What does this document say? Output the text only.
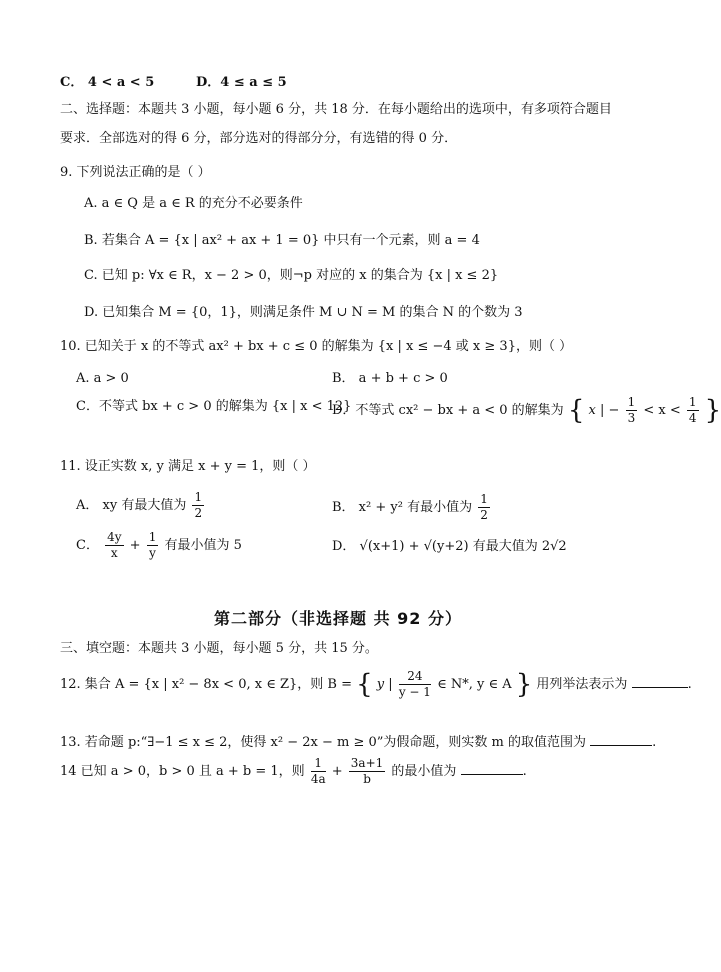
C． 4 < a < 5	D．4 ≤ a ≤ 5
二、选择题：本题共 3 小题，每小题 6 分，共 18 分．在每小题给出的选项中，有多项符合题目
要求．全部选对的得 6 分，部分选对的得部分分，有选错的得 0 分．
9. 下列说法正确的是（ ）
A. a ∈ Q 是 a ∈ R 的充分不必要条件
B. 若集合 A = {x | ax² + ax + 1 = 0} 中只有一个元素，则 a = 4
C. 已知 p: ∀x ∈ R，x − 2 > 0，则¬p 对应的 x 的集合为 {x | x ≤ 2}
D. 已知集合 M = {0，1}，则满足条件 M ∪ N = M 的集合 N 的个数为 3
10. 已知关于 x 的不等式 ax² + bx + c ≤ 0 的解集为 {x | x ≤ −4 或 x ≥ 3}，则（ ）
A. a > 0	B． a + b + c > 0
C．不等式 bx + c > 0 的解集为 {x | x < 12}
D．不等式 cx² − bx + a < 0 的解集为 { x | − $\frac{1}{3} < x < \frac{1}{4}$ }
11. 设正实数 x, y 满足 x + y = 1，则（ ）
A． xy 有最大值为 $\frac{1}{2}$	B． x² + y² 有最小值为 $\frac{1}{2}$
C． $\frac{4y}{x} + \frac{1}{y}$ 有最小值为 5	D． √(x+1) + √(y+2) 有最大值为 2√2
第二部分（非选择题 共 92 分）
三、填空题：本题共 3 小题，每小题 5 分，共 15 分。
12. 集合 A = {x | x² − 8x < 0, x ∈ Z}，则 B = { y | $\frac{24}{y - 1}$ ∈ N*, y ∈ A } 用列举法表示为	.
13. 若命题 p:“∃−1 ≤ x ≤ 2，使得 x² − 2x − m ≥ 0”为假命题，则实数 m 的取值范围为	.
14 已知 a > 0，b > 0 且 a + b = 1，则 $\frac{1}{4a} + \frac{3a+1}{b}$ 的最小值为	.
